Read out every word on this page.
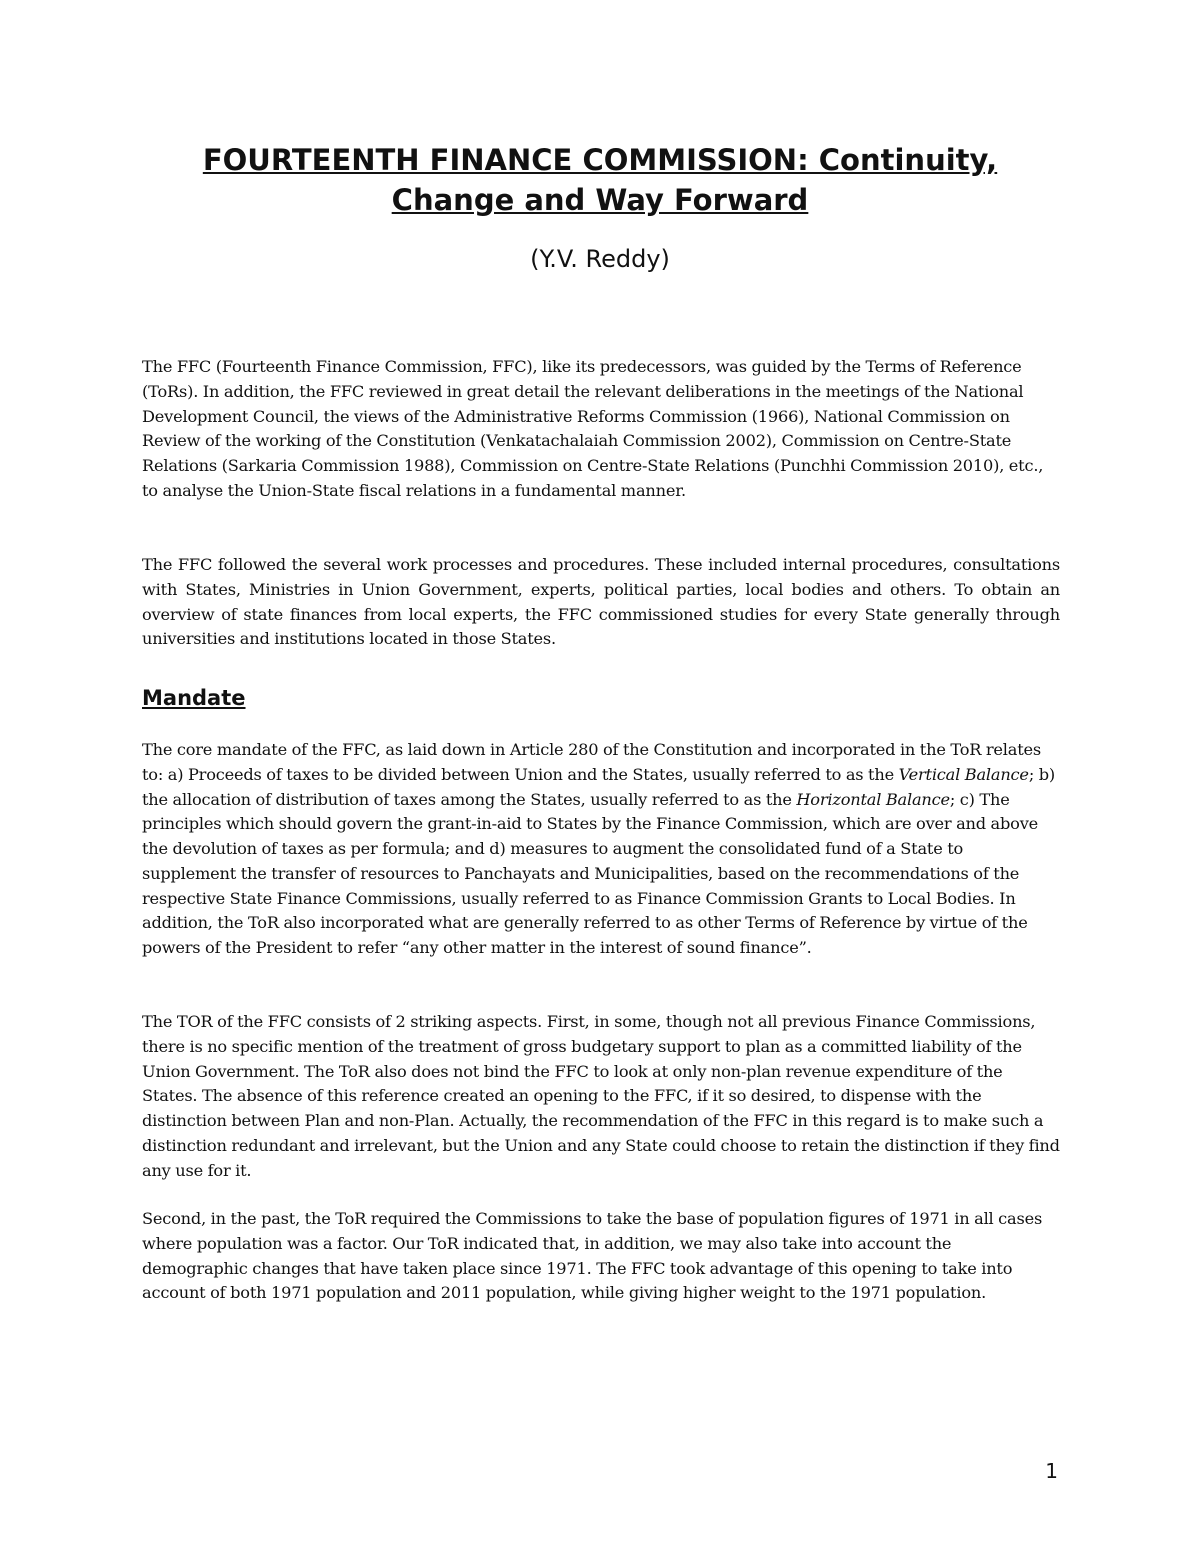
FOURTEENTH FINANCE COMMISSION: Continuity,
Change and Way Forward

(Y.V. Reddy)

The FFC (Fourteenth Finance Commission, FFC), like its predecessors, was guided by the Terms of Reference (ToRs). In addition, the FFC reviewed in great detail the relevant deliberations in the meetings of the National Development Council, the views of the Administrative Reforms Commission (1966), National Commission on Review of the working of the Constitution (Venkatachalaiah Commission 2002), Commission on Centre-State Relations (Sarkaria Commission 1988), Commission on Centre-State Relations (Punchhi Commission 2010), etc., to analyse the Union-State fiscal relations in a fundamental manner.

The FFC followed the several work processes and procedures. These included internal procedures, consultations with States, Ministries in Union Government, experts, political parties, local bodies and others. To obtain an overview of state finances from local experts, the FFC commissioned studies for every State generally through universities and institutions located in those States.

Mandate

The core mandate of the FFC, as laid down in Article 280 of the Constitution and incorporated in the ToR relates to: a) Proceeds of taxes to be divided between Union and the States, usually referred to as the Vertical Balance; b) the allocation of distribution of taxes among the States, usually referred to as the Horizontal Balance; c) The principles which should govern the grant-in-aid to States by the Finance Commission, which are over and above the devolution of taxes as per formula; and d) measures to augment the consolidated fund of a State to supplement the transfer of resources to Panchayats and Municipalities, based on the recommendations of the respective State Finance Commissions, usually referred to as Finance Commission Grants to Local Bodies. In addition, the ToR also incorporated what are generally referred to as other Terms of Reference by virtue of the powers of the President to refer “any other matter in the interest of sound finance”.

The TOR of the FFC consists of 2 striking aspects. First, in some, though not all previous Finance Commissions, there is no specific mention of the treatment of gross budgetary support to plan as a committed liability of the Union Government. The ToR also does not bind the FFC to look at only non-plan revenue expenditure of the States. The absence of this reference created an opening to the FFC, if it so desired, to dispense with the distinction between Plan and non-Plan. Actually, the recommendation of the FFC in this regard is to make such a distinction redundant and irrelevant, but the Union and any State could choose to retain the distinction if they find any use for it.

Second, in the past, the ToR required the Commissions to take the base of population figures of 1971 in all cases where population was a factor. Our ToR indicated that, in addition, we may also take into account the demographic changes that have taken place since 1971. The FFC took advantage of this opening to take into account of both 1971 population and 2011 population, while giving higher weight to the 1971 population.

1
